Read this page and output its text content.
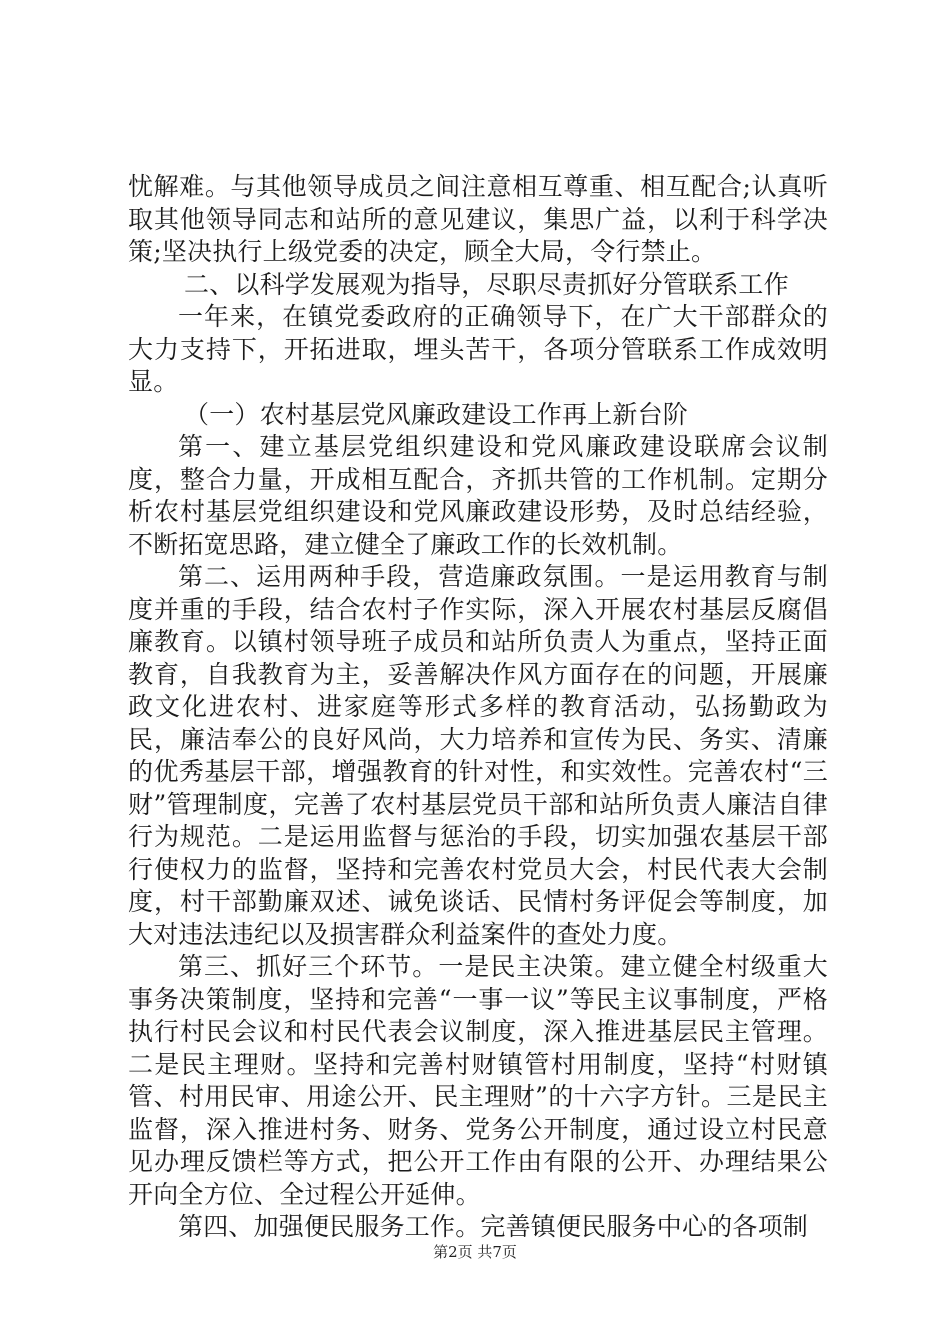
忧解难。与其他领导成员之间注意相互尊重、相互配合;认真听取其他领导同志和站所的意见建议，集思广益，以利于科学决策;坚决执行上级党委的决定，顾全大局，令行禁止。

二、以科学发展观为指导，尽职尽责抓好分管联系工作

一年来，在镇党委政府的正确领导下，在广大干部群众的大力支持下，开拓进取，埋头苦干，各项分管联系工作成效明显。

（一）农村基层党风廉政建设工作再上新台阶

第一、建立基层党组织建设和党风廉政建设联席会议制度，整合力量，开成相互配合，齐抓共管的工作机制。定期分析农村基层党组织建设和党风廉政建设形势，及时总结经验，不断拓宽思路，建立健全了廉政工作的长效机制。

第二、运用两种手段，营造廉政氛围。一是运用教育与制度并重的手段，结合农村子作实际，深入开展农村基层反腐倡廉教育。以镇村领导班子成员和站所负责人为重点，坚持正面教育，自我教育为主，妥善解决作风方面存在的问题，开展廉政文化进农村、进家庭等形式多样的教育活动，弘扬勤政为民，廉洁奉公的良好风尚，大力培养和宣传为民、务实、清廉的优秀基层干部，增强教育的针对性，和实效性。完善农村“三财”管理制度，完善了农村基层党员干部和站所负责人廉洁自律行为规范。二是运用监督与惩治的手段，切实加强农基层干部行使权力的监督，坚持和完善农村党员大会，村民代表大会制度，村干部勤廉双述、诫免谈话、民情村务评促会等制度，加大对违法违纪以及损害群众利益案件的查处力度。

第三、抓好三个环节。一是民主决策。建立健全村级重大事务决策制度，坚持和完善“一事一议”等民主议事制度，严格执行村民会议和村民代表会议制度，深入推进基层民主管理。二是民主理财。坚持和完善村财镇管村用制度，坚持“村财镇管、村用民审、用途公开、民主理财”的十六字方针。三是民主监督，深入推进村务、财务、党务公开制度，通过设立村民意见办理反馈栏等方式，把公开工作由有限的公开、办理结果公开向全方位、全过程公开延伸。

第四、加强便民服务工作。完善镇便民服务中心的各项制

第2页 共7页
